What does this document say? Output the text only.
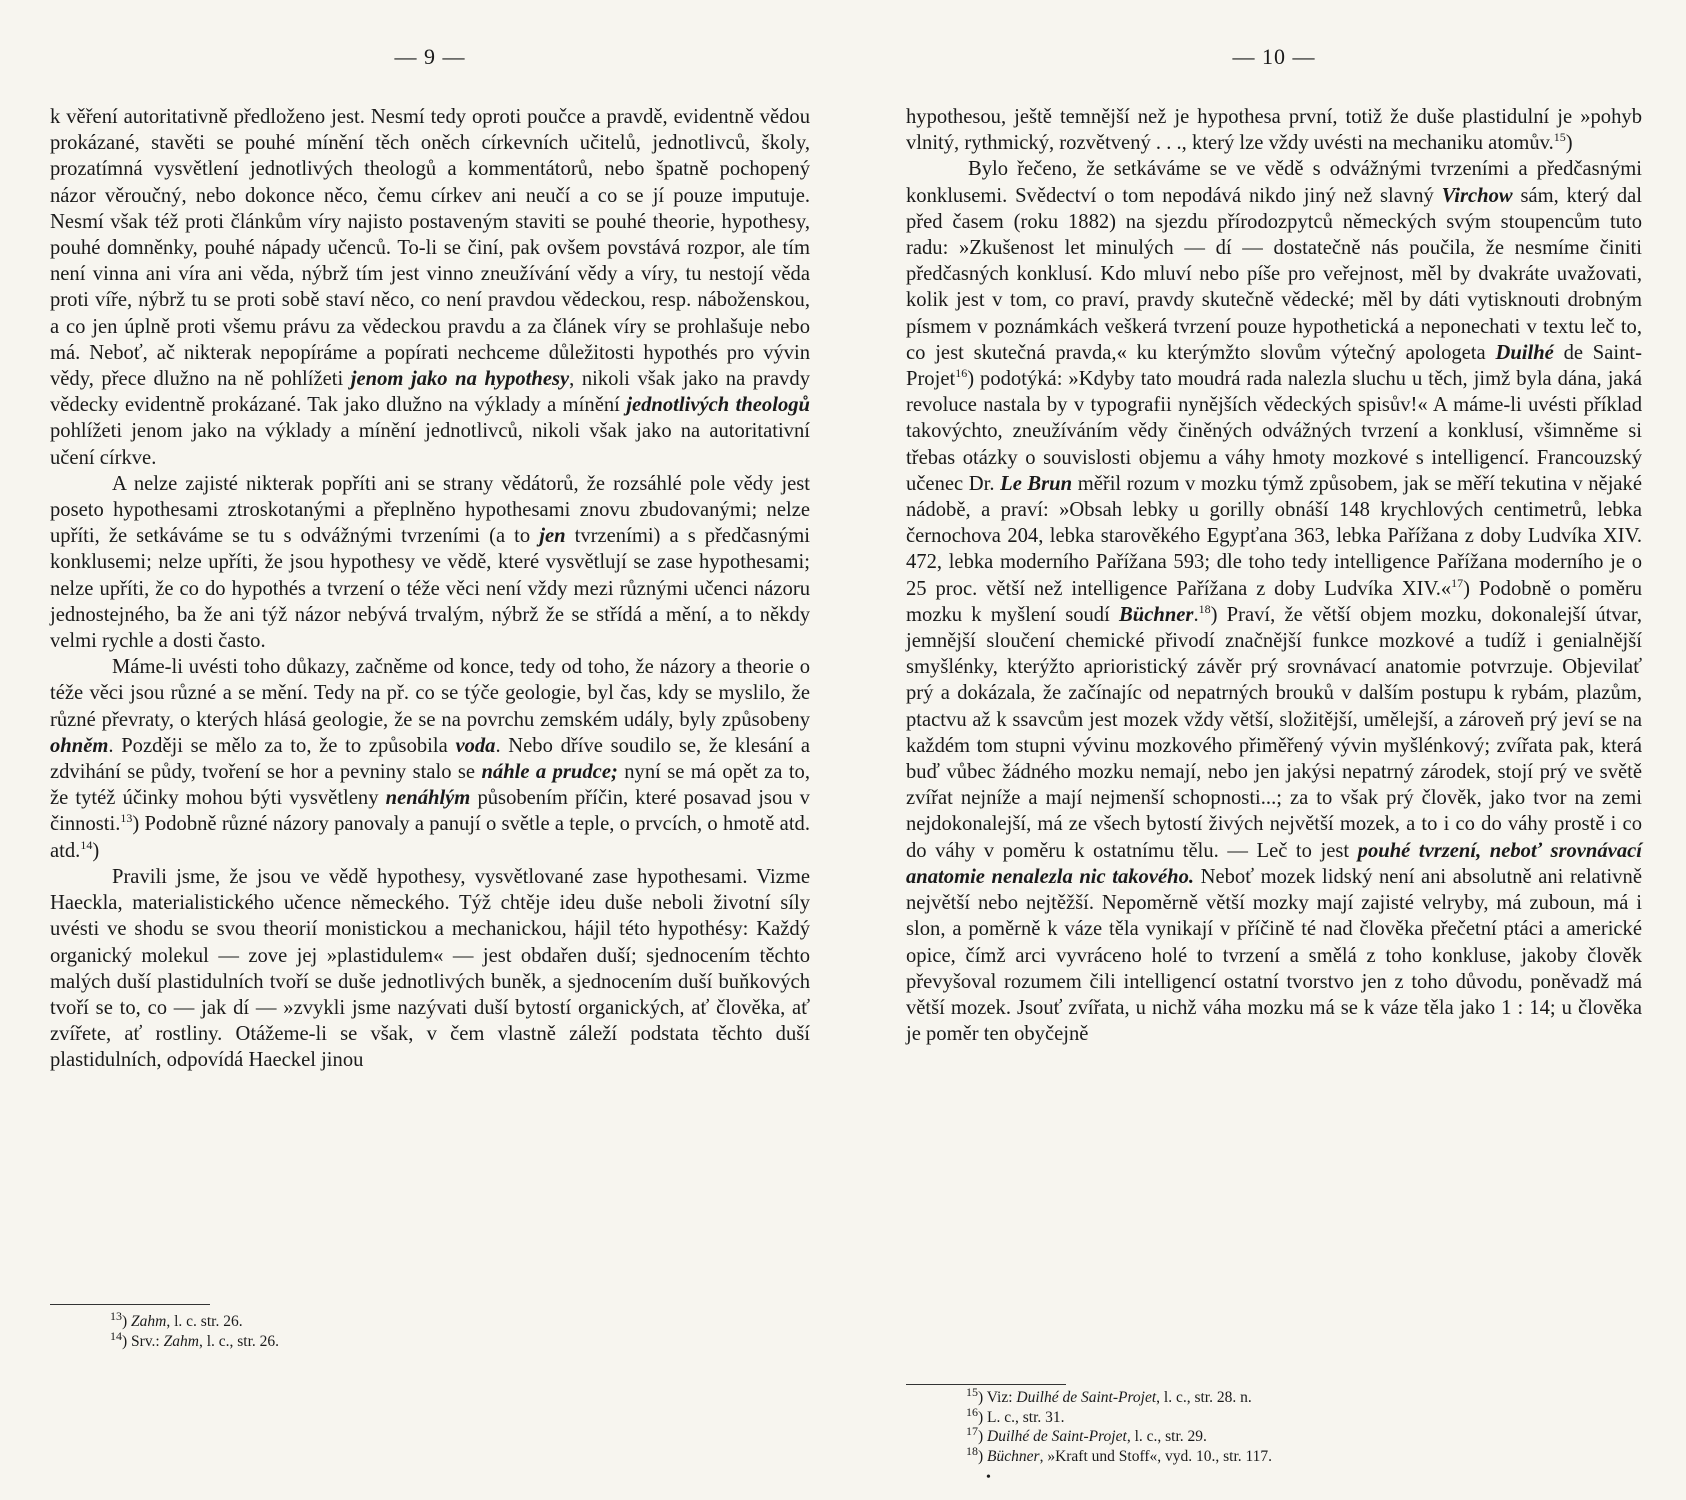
— 9 —

k věření autoritativně předloženo jest. Nesmí tedy oproti poučce a pravdě, evidentně vědou prokázané, stavěti se pouhé mínění těch oněch církevních učitelů, jednotlivců, školy, prozatímná vysvětlení jednotlivých theologů a kommentátorů, nebo špatně pochopený názor věroučný, nebo dokonce něco, čemu církev ani neučí a co se jí pouze imputuje. Nesmí však též proti článkům víry najisto postaveným staviti se pouhé theorie, hypothesy, pouhé domněnky, pouhé nápady učenců. To-li se činí, pak ovšem povstává rozpor, ale tím není vinna ani víra ani věda, nýbrž tím jest vinno zneužívání vědy a víry, tu nestojí věda proti víře, nýbrž tu se proti sobě staví něco, co není pravdou vědeckou, resp. náboženskou, a co jen úplně proti všemu právu za vědeckou pravdu a za článek víry se prohlašuje nebo má. Neboť, ač nikterak nepopíráme a popírati nechceme důležitosti hypothés pro vývin vědy, přece dlužno na ně pohlížeti jenom jako na hypothesy, nikoli však jako na pravdy vědecky evidentně prokázané. Tak jako dlužno na výklady a mínění jednotlivých theologů pohlížeti jenom jako na výklady a mínění jednotlivců, nikoli však jako na autoritativní učení církve.

A nelze zajisté nikterak popříti ani se strany vědátorů, že rozsáhlé pole vědy jest poseto hypothesami ztroskotanými a přeplněno hypothesami znovu zbudovanými; nelze upříti, že setkáváme se tu s odvážnými tvrzeními (a to jen tvrzeními) a s předčasnými konklusemi; nelze upříti, že jsou hypothesy ve vědě, které vysvětlují se zase hypothesami; nelze upříti, že co do hypothés a tvrzení o téže věci není vždy mezi různými učenci názoru jednostejného, ba že ani týž názor nebývá trvalým, nýbrž že se střídá a mění, a to někdy velmi rychle a dosti často.

Máme-li uvésti toho důkazy, začněme od konce, tedy od toho, že názory a theorie o téže věci jsou různé a se mění. Tedy na př. co se týče geologie, byl čas, kdy se myslilo, že různé převraty, o kterých hlásá geologie, že se na povrchu zemském udály, byly způsobeny ohněm. Později se mělo za to, že to způsobila voda. Nebo dříve soudilo se, že klesání a zdvihání se půdy, tvoření se hor a pevniny stalo se náhle a prudce; nyní se má opět za to, že tytéž účinky mohou býti vysvětleny nenáhlým působením příčin, které posavad jsou v činnosti.$^{13}$) Podobně různé názory panovaly a panují o světle a teple, o prvcích, o hmotě atd. atd.$^{14}$)

Pravili jsme, že jsou ve vědě hypothesy, vysvětlované zase hypothesami. Vizme Haeckla, materialistického učence německého. Týž chtěje ideu duše neboli životní síly uvésti ve shodu se svou theorií monistickou a mechanickou, hájil této hypothésy: Každý organický molekul — zove jej »plastidulem« — jest obdařen duší; sjednocením těchto malých duší plastidulních tvoří se duše jednotlivých buněk, a sjednocením duší buňkových tvoří se to, co — jak dí — »zvykli jsme nazývati duší bytostí organických, ať člověka, ať zvířete, ať rostliny. Otážeme-li se však, v čem vlastně záleží podstata těchto duší plastidulních, odpovídá Haeckel jinou

$^{13}$) Zahm, l. c. str. 26.
$^{14}$) Srv.: Zahm, l. c., str. 26.
— 10 —

hypothesou, ještě temnější než je hypothesa první, totiž že duše plastidulní je »pohyb vlnitý, rythmický, rozvětvený . . ., který lze vždy uvésti na mechaniku atomův.$^{15}$)

Bylo řečeno, že setkáváme se ve vědě s odvážnými tvrzeními a předčasnými konklusemi. Svědectví o tom nepodává nikdo jiný než slavný Virchow sám, který dal před časem (roku 1882) na sjezdu přírodozpytců německých svým stoupencům tuto radu: »Zkušenost let minulých — dí — dostatečně nás poučila, že nesmíme činiti předčasných konklusí. Kdo mluví nebo píše pro veřejnost, měl by dvakráte uvažovati, kolik jest v tom, co praví, pravdy skutečně vědecké; měl by dáti vytisknouti drobným písmem v poznámkách veškerá tvrzení pouze hypothetická a neponechati v textu leč to, co jest skutečná pravda,« ku kterýmžto slovům výtečný apologeta Duilhé de Saint-Projet$^{16}$) podotýká: »Kdyby tato moudrá rada nalezla sluchu u těch, jimž byla dána, jaká revoluce nastala by v typografii nynějších vědeckých spisův!« A máme-li uvésti příklad takovýchto, zneužíváním vědy činěných odvážných tvrzení a konklusí, všimněme si třebas otázky o souvislosti objemu a váhy hmoty mozkové s intelligencí. Francouzský učenec Dr. Le Brun měřil rozum v mozku týmž způsobem, jak se měří tekutina v nějaké nádobě, a praví: »Obsah lebky u gorilly obnáší 148 krychlových centimetrů, lebka černochova 204, lebka starověkého Egypťana 363, lebka Pařížana z doby Ludvíka XIV. 472, lebka moderního Pařížana 593; dle toho tedy intelligence Pařížana moderního je o 25 proc. větší než intelligence Pařížana z doby Ludvíka XIV.«$^{17}$) Podobně o poměru mozku k myšlení soudí Büchner.$^{18}$) Praví, že větší objem mozku, dokonalejší útvar, jemnější sloučení chemické přivodí značnější funkce mozkové a tudíž i genialnější smyšlénky, kterýžto aprioristický závěr prý srovnávací anatomie potvrzuje. Objevilať prý a dokázala, že začínajíc od nepatrných brouků v dalším postupu k rybám, plazům, ptactvu až k ssavcům jest mozek vždy větší, složitější, umělejší, a zároveň prý jeví se na každém tom stupni vývinu mozkového přiměřený vývin myšlénkový; zvířata pak, která buď vůbec žádného mozku nemají, nebo jen jakýsi nepatrný zárodek, stojí prý ve světě zvířat nejníže a mají nejmenší schopnosti...; za to však prý člověk, jako tvor na zemi nejdokonalejší, má ze všech bytostí živých největší mozek, a to i co do váhy prostě i co do váhy v poměru k ostatnímu tělu. — Leč to jest pouhé tvrzení, neboť srovnávací anatomie nenalezla nic takového. Neboť mozek lidský není ani absolutně ani relativně největší nebo nejtěžší. Nepoměrně větší mozky mají zajisté velryby, má zuboun, má i slon, a poměrně k váze těla vynikají v příčině té nad člověka přečetní ptáci a americké opice, čímž arci vyvráceno holé to tvrzení a smělá z toho konkluse, jakoby člověk převyšoval rozumem čili intelligencí ostatní tvorstvo jen z toho důvodu, poněvadž má větší mozek. Jsouť zvířata, u nichž váha mozku má se k váze těla jako 1 : 14; u člověka je poměr ten obyčejně

$^{15}$) Viz: Duilhé de Saint-Projet, l. c., str. 28. n.
$^{16}$) L. c., str. 31.
$^{17}$) Duilhé de Saint-Projet, l. c., str. 29.
$^{18}$) Büchner, »Kraft und Stoff«, vyd. 10., str. 117.
•
